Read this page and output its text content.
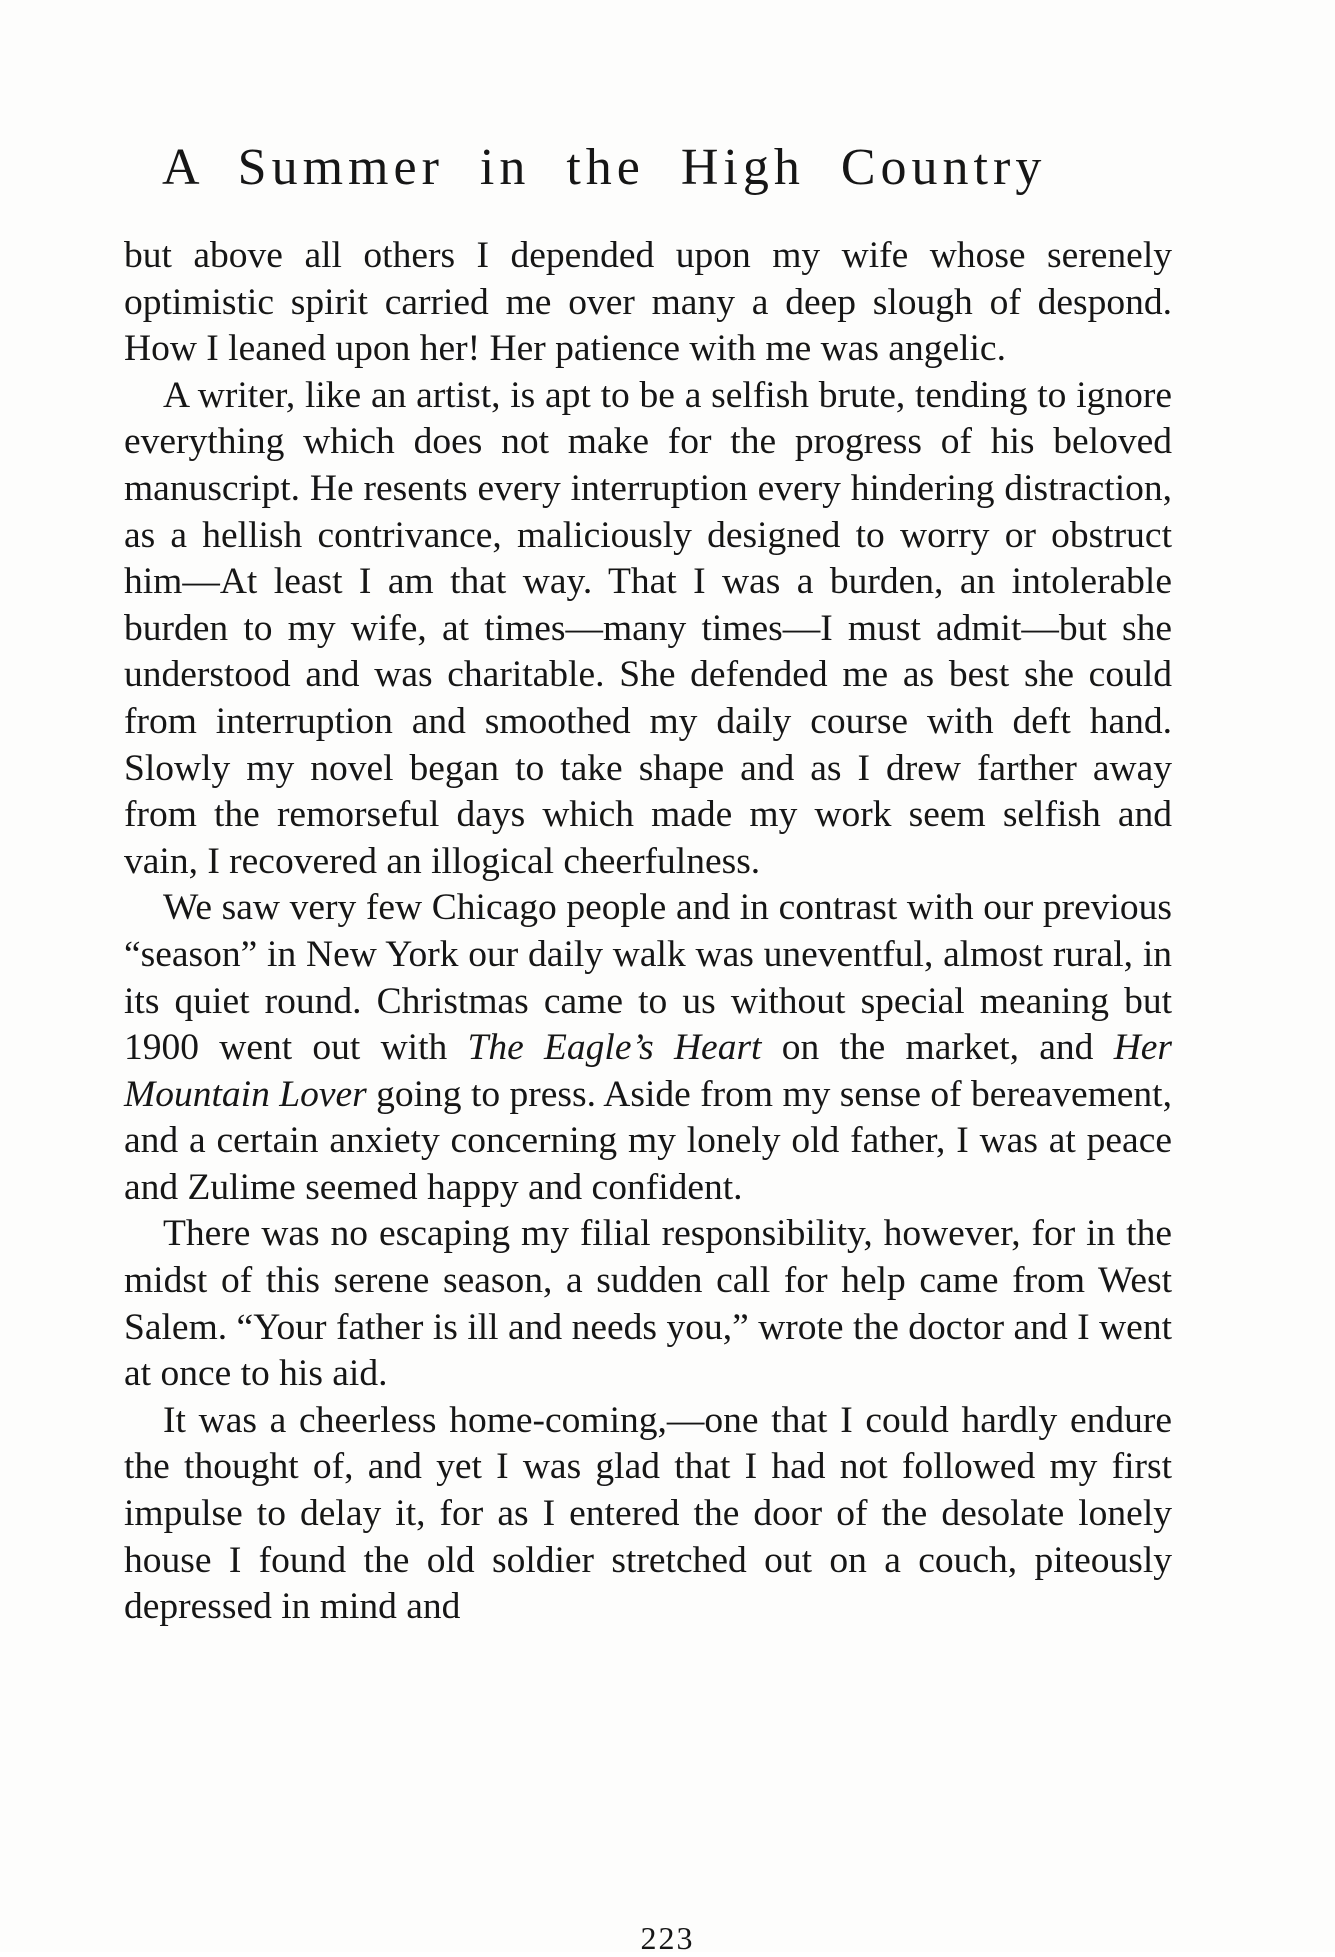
A Summer in the High Country

but above all others I depended upon my wife whose serenely optimistic spirit carried me over many a deep slough of despond. How I leaned upon her! Her patience with me was angelic.

A writer, like an artist, is apt to be a selfish brute, tending to ignore everything which does not make for the progress of his beloved manuscript. He resents every interruption every hindering distraction, as a hellish contrivance, maliciously designed to worry or obstruct him—At least I am that way. That I was a burden, an intolerable burden to my wife, at times—many times—I must admit—but she understood and was charitable. She defended me as best she could from interruption and smoothed my daily course with deft hand. Slowly my novel began to take shape and as I drew farther away from the remorseful days which made my work seem selfish and vain, I recovered an illogical cheerfulness.

We saw very few Chicago people and in contrast with our previous “season” in New York our daily walk was uneventful, almost rural, in its quiet round. Christmas came to us without special meaning but 1900 went out with The Eagle’s Heart on the market, and Her Mountain Lover going to press. Aside from my sense of bereavement, and a certain anxiety concerning my lonely old father, I was at peace and Zulime seemed happy and confident.

There was no escaping my filial responsibility, however, for in the midst of this serene season, a sudden call for help came from West Salem. “Your father is ill and needs you,” wrote the doctor and I went at once to his aid.

It was a cheerless home-coming,—one that I could hardly endure the thought of, and yet I was glad that I had not followed my first impulse to delay it, for as I entered the door of the desolate lonely house I found the old soldier stretched out on a couch, piteously depressed in mind and

223
